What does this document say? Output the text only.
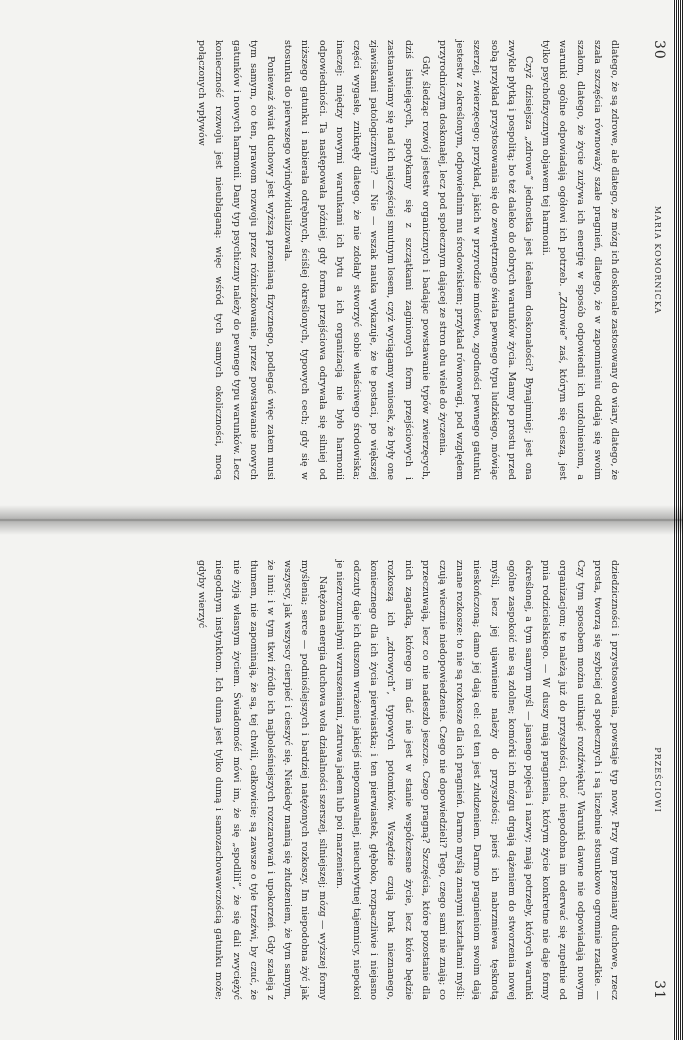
30
MARIA KOMORNICKA

dlatego, że są zdrowe, ale dlatego, że mózg ich doskonale zastosowany do wiary, dlatego, że szała szczęścia równoważy szałe pragnień, dlatego, że w zapomnieniu oddają się swoim szałom, dlatego, że życie zużywa ich energię w sposób odpowiedni ich uzdolnieniom, a warunki ogólne odpowiadają ogółowi ich potrzeb. „Zdrowie” zaś, którym się cieszą, jest tylko psychofizycznym objawem tej harmonii.

Czyż dzisiejsza „zdrowa” jednostka jest ideałem doskonałości? Bynajmniej; jest ona zwykle płytką i pospolitą; bo też daleko do dobrych warunków życia. Mamy po prostu przed sobą przykład przystosowania się do zewnętrznego świata pewnego typu ludzkiego, mówiąc szerzej, zwierzęcego; przykład, jakich w przyrodzie mnóstwo, zgodności pewnego gatunku jestestw z określonym, odpowiednim mu środowiskiem; przykład równowagi, pod względem przyrodniczym doskonałej, lecz pod społecznym dającej ze stron obu wiele do życzenia.

Gdy, śledząc rozwój jestestw organicznych i badając powstawanie typów zwierzęcych, dziś istniejących, spotykamy się z szczątkami zaginionych form przejściowych i zastanawiamy się nad ich najczęściej smutnym losem, czyż wyciągamy wniosek, że były one zjawiskami patologicznymi? — Nie — wszak nauka wykazuje, że te postaci, po większej części wygasłe, zniknęły dlatego, że nie zdołały stworzyć sobie właściwego środowiska; inaczej: między nowymi warunkami ich bytu a ich organizacją nie było harmonii odpowiedniości. Ta następowała później, gdy forma przejściowa odrywała się silniej od niższego gatunku i nabierała odrębnych, ściślej określonych, typowych cech; gdy się w stosunku do pierwszego wyindywidualizowała.

Ponieważ świat duchowy jest wyższą przemianą fizycznego, podlegać więc zatem musi tym samym, co ten, prawom rozwoju przez różniczkowanie, przez powstawanie nowych gatunków i nowych harmonii. Dany typ psychiczny należy do pewnego typu warunków. Lecz konieczność rozwoju jest nieubłaganą: więc wśród tych samych okoliczności, mocą połączonych wpływów

PRZEŚCIOWI
31

dziedziczności i przystosowania, powstaje typ nowy. Przy tym przemiany duchowe, rzecz prosta, tworzą się szybciej od społecznych i są liczebnie stosunkowo ogromnie rzadkie. — Czy tym sposobem można uniknąć rozdźwięku? Warunki dawne nie odpowiadają nowym organizacjom; te należą już do przyszłości, choć niepodobna im oderwać się zupełnie od pnia rodzicielskiego. — W duszy mają pragnienia, którym życie konkretne nie daje formy określonej, a tym samym myśl — jasnego pojęcia i nazwy; mają potrzeby, których warunki ogólne zaspokoić nie są zdolne; komórki ich mózgu drgają dążeniem do stworzenia nowej myśli, lecz jej ujawnienie należy do przyszłości; pierś ich nabrzmiewa tęsknotą nieskończoną; damo jej dają cel: cel ten jest złudzeniem. Darmo pragnieniom swoim dają znane rozkosze: to nie są rozkosze dla ich pragnień. Darmo myślą znanymi kształtami myśli: czują wiecznie niedopowiedzenie. Czego nie dopowiedzieli? Tego, czego sami nie znają; co przeczuwają, lecz co nie nadeszło jeszcze. Czego pragną? Szczęścia, które pozostanie dla nich zagadką, którego im dać nie jest w stanie współczesne życie, lecz które będzie rozkoszą ich „zdrowych”, typowych potomków. Wszędzie czują brak nieznanego, koniecznego dla ich życia pierwiastka; i ten pierwiastek, głęboko, rozpaczliwie i niejasno odczuty daje ich duszom wrażenie jakiejś niepoznawalnej, nieuchwytnej tajemnicy, niepokoi je niezrozumiałymi wzruszeniami, zatruwa jadem lub poi marzeniem.

Natężona energia duchowa woła działalności szerszej, silniejszej; mózg — wyższej formy myślenia; serce — podnioślejszych i bardziej natężonych rozkoszy. Im niepodobna żyć jak wszyscy, jak wszyscy cierpieć i cieszyć się. Niekiedy mamią się złudzeniem, że tym samym, że inni: i w tym tkwi źródło ich najboleśniejszych rozczarowań i upokorzeń. Gdy szaleją z tłumem, nie zapominają, że są, tej chwili, całkowicie; są zawsze o tyle trzeźwi, by czuć, że nie żyją własnym życiem. Świadomość mówi im, że się „spodlili”, że się dali zwyciężyć niegodnym instynktom. Ich duma jest tylko dumą i samozachowawczością gatunku może; gdyby wierzyć
